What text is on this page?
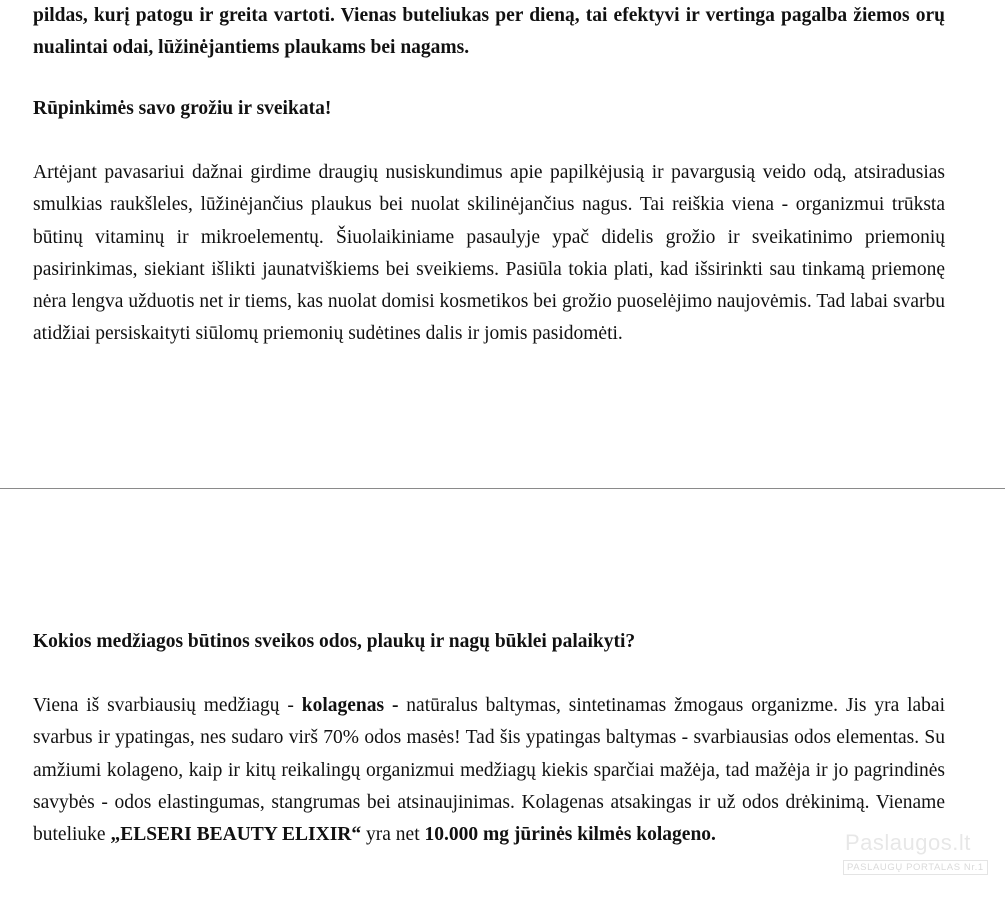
pildas, kurį patogu ir greita vartoti. Vienas buteliukas per dieną, tai efektyvi ir vertinga pagalba žiemos orų nualintai odai, lūžinėjantiems plaukams bei nagams.

Rūpinkimės savo grožiu ir sveikata!

Artėjant pavasariui dažnai girdime draugių nusiskundimus apie papilkėjusią ir pavargusią veido odą, atsiradusias smulkias raukšleles, lūžinėjančius plaukus bei nuolat skilinėjančius nagus. Tai reiškia viena - organizmui trūksta būtinų vitaminų ir mikroelementų. Šiuolaikiniame pasaulyje ypač didelis grožio ir sveikatinimo priemonių pasirinkimas, siekiant išlikti jaunatviškiems bei sveikiems. Pasiūla tokia plati, kad išsirinkti sau tinkamą priemonę nėra lengva užduotis net ir tiems, kas nuolat domisi kosmetikos bei grožio puoselėjimo naujovėmis. Tad labai svarbu atidžiai persiskaityti siūlomų priemonių sudėtines dalis ir jomis pasidomėti.

Kokios medžiagos būtinos sveikos odos, plaukų ir nagų būklei palaikyti?

Viena iš svarbiausių medžiagų - kolagenas - natūralus baltymas, sintetinamas žmogaus organizme. Jis yra labai svarbus ir ypatingas, nes sudaro virš 70% odos masės! Tad šis ypatingas baltymas - svarbiausias odos elementas. Su amžiumi kolageno, kaip ir kitų reikalingų organizmui medžiagų kiekis sparčiai mažėja, tad mažėja ir jo pagrindinės savybės - odos elastingumas, stangrumas bei atsinaujinimas. Kolagenas atsakingas ir už odos drėkinimą. Viename buteliuke „ELSERI BEAUTY ELIXIR“ yra net 10.000 mg jūrinės kilmės kolageno.	Paslaugos.lt
PASLAUGŲ PORTALAS Nr.1
